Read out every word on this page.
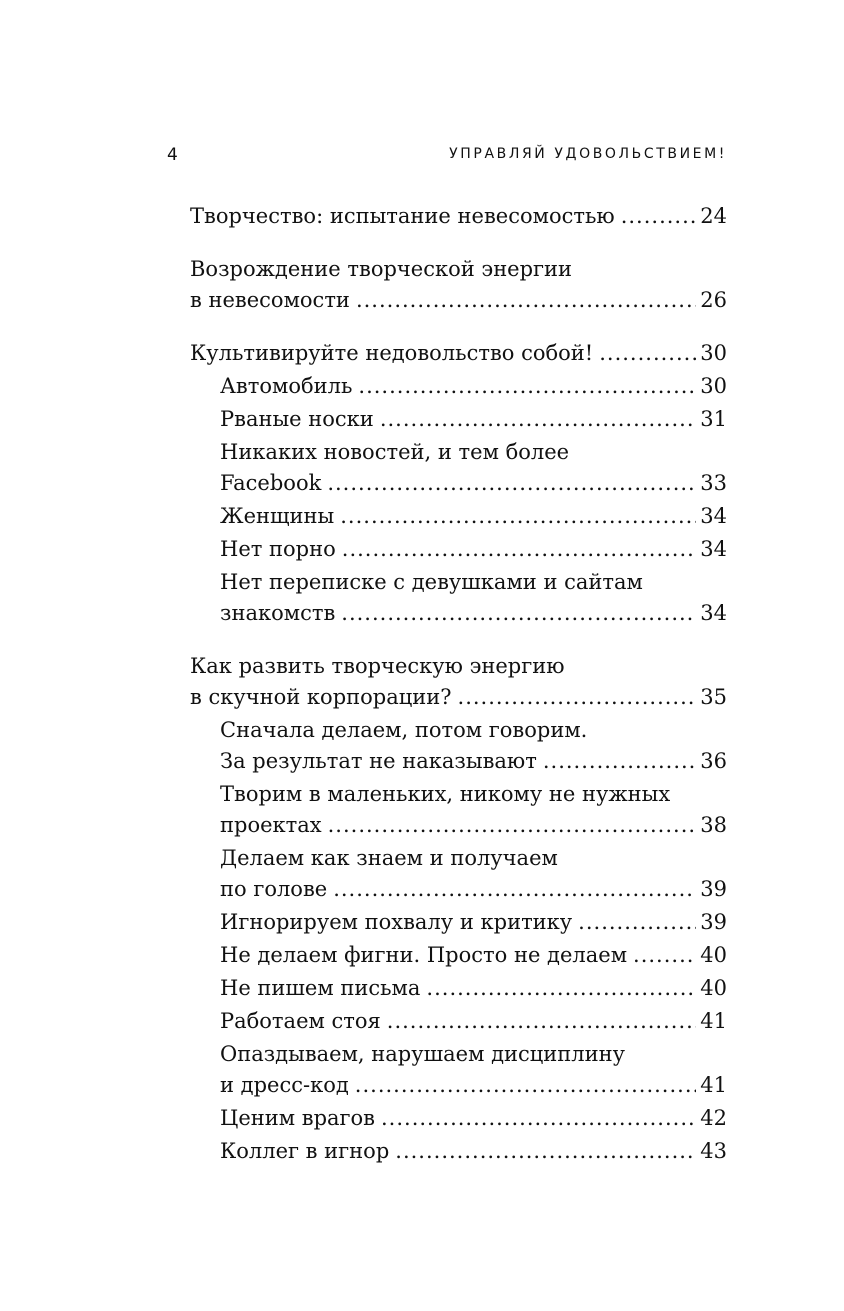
4	УПРАВЛЯЙ УДОВОЛЬСТВИЕМ!
Творчество: испытание невесомостью .....	24
Возрождение творческой энергии
в невесомости .....	26
Культивируйте недовольство собой! .....	30
Автомобиль .....	30
Рваные носки .....	31
Никаких новостей, и тем более
Facebook .....	33
Женщины .....	34
Нет порно .....	34
Нет переписке с девушками и сайтам
знакомств .....	34
Как развить творческую энергию
в скучной корпорации? .....	35
Сначала делаем, потом говорим.
За результат не наказывают .....	36
Творим в маленьких, никому не нужных
проектах .....	38
Делаем как знаем и получаем
по голове .....	39
Игнорируем похвалу и критику .....	39
Не делаем фигни. Просто не делаем .....	40
Не пишем письма .....	40
Работаем стоя .....	41
Опаздываем, нарушаем дисциплину
и дресс-код .....	41
Ценим врагов .....	42
Коллег в игнор .....	43
